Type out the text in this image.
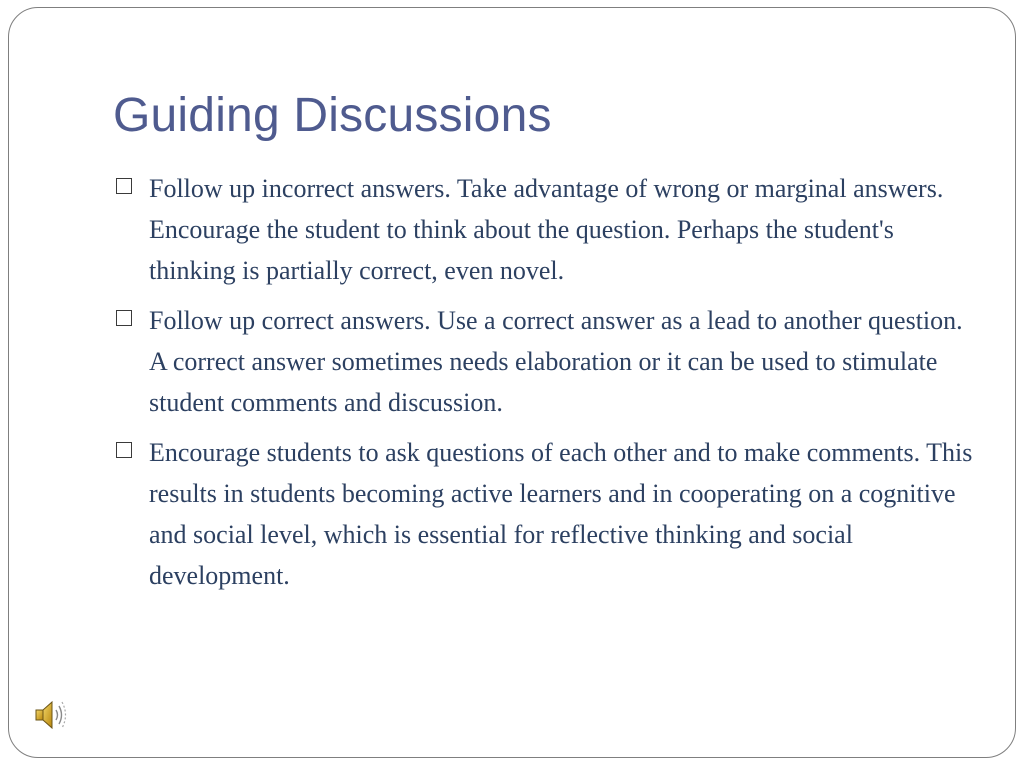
Guiding Discussions
Follow up incorrect answers. Take advantage of wrong or marginal answers. Encourage the student to think about the question. Perhaps the student's thinking is partially correct, even novel.
Follow up correct answers. Use a correct answer as a lead to another question. A correct answer sometimes needs elaboration or it can be used to stimulate student comments and discussion.
Encourage students to ask questions of each other and to make comments. This results in students becoming active learners and in cooperating on a cognitive and social level, which is essential for reflective thinking and social development.
